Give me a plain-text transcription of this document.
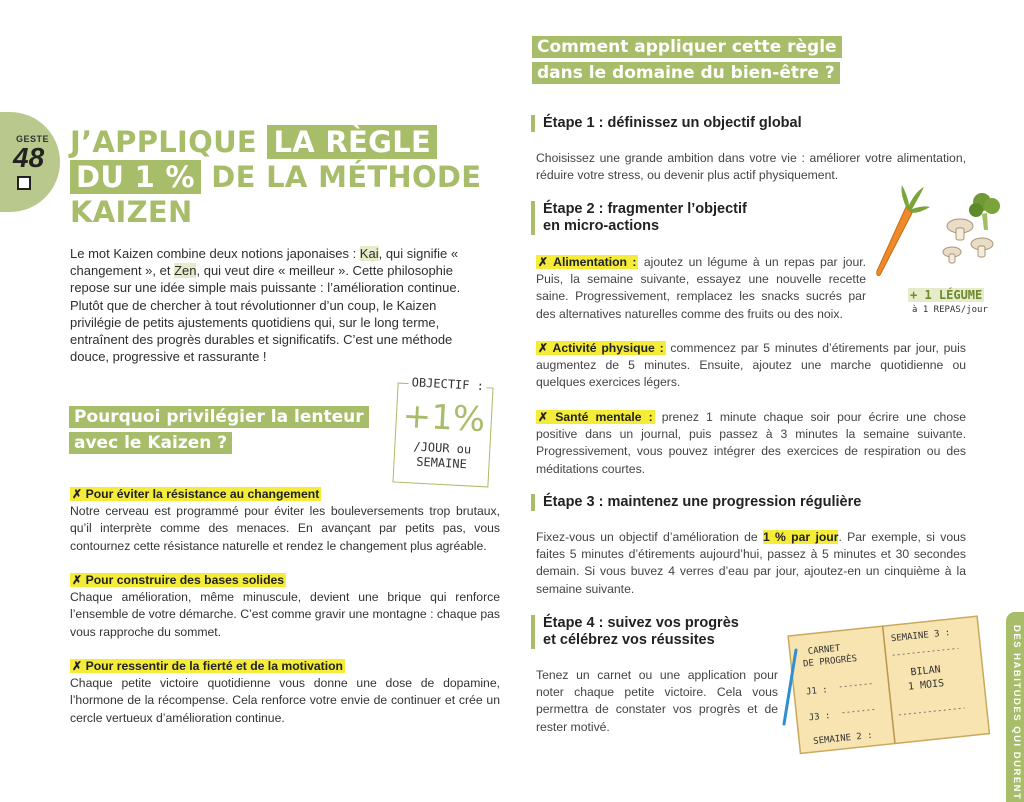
GESTE
48 J’APPLIQUE LA RÈGLE
DU 1 % DE LA MÉTHODE
KAIZEN
Le mot Kaizen combine deux notions japonaises : Kai, qui signifie « changement », et Zen, qui veut dire « meilleur ». Cette philosophie repose sur une idée simple mais puissante : l’amélioration continue. Plutôt que de chercher à tout révolutionner d’un coup, le Kaizen privilégie de petits ajustements quotidiens qui, sur le long terme, entraînent des progrès durables et significatifs. C’est une méthode douce, progressive et rassurante !
Pourquoi privilégier la lenteur
avec le Kaizen ?
OBJECTIF :
+1%
/JOUR ou
SEMAINE
✗ Pour éviter la résistance au changement
Notre cerveau est programmé pour éviter les bouleversements trop brutaux, qu’il interprète comme des menaces. En avançant par petits pas, vous contournez cette résistance naturelle et rendez le changement plus agréable.
✗ Pour construire des bases solides
Chaque amélioration, même minuscule, devient une brique qui renforce l’ensemble de votre démarche. C’est comme gravir une montagne : chaque pas vous rapproche du sommet.
✗ Pour ressentir de la fierté et de la motivation
Chaque petite victoire quotidienne vous donne une dose de dopamine, l’hormone de la récompense. Cela renforce votre envie de continuer et crée un cercle vertueux d’amélioration continue.
Comment appliquer cette règle
dans le domaine du bien-être ?
Étape 1 : définissez un objectif global
Choisissez une grande ambition dans votre vie : améliorer votre alimentation, réduire votre stress, ou devenir plus actif physiquement.
Étape 2 : fragmenter l’objectif
en micro-actions
✗ Alimentation : ajoutez un légume à un repas par jour. Puis, la semaine suivante, essayez une nouvelle recette saine. Progressivement, remplacez les snacks sucrés par des alternatives naturelles comme des fruits ou des noix.
✗ Activité physique : commencez par 5 minutes d’étirements par jour, puis augmentez de 5 minutes. Ensuite, ajoutez une marche quotidienne ou quelques exercices légers.
✗ Santé mentale : prenez 1 minute chaque soir pour écrire une chose positive dans un journal, puis passez à 3 minutes la semaine suivante. Progressivement, vous pouvez intégrer des exercices de respiration ou des méditations courtes.
Étape 3 : maintenez une progression régulière
Fixez-vous un objectif d’amélioration de 1 % par jour. Par exemple, si vous faites 5 minutes d’étirements aujourd’hui, passez à 5 minutes et 30 secondes demain. Si vous buvez 4 verres d’eau par jour, ajoutez-en un cinquième à la semaine suivante.
Étape 4 : suivez vos progrès
et célébrez vos réussites
Tenez un carnet ou une application pour noter chaque petite victoire. Cela vous permettra de constater vos progrès et de rester motivé.
+ 1 LÉGUME
à 1 REPAS/jour
CARNET
DE PROGRÈS
J1 :
J3 :
SEMAINE 2 :
SEMAINE 3 :
BILAN
1 MOIS	DES HABITUDES QUI DURENT
